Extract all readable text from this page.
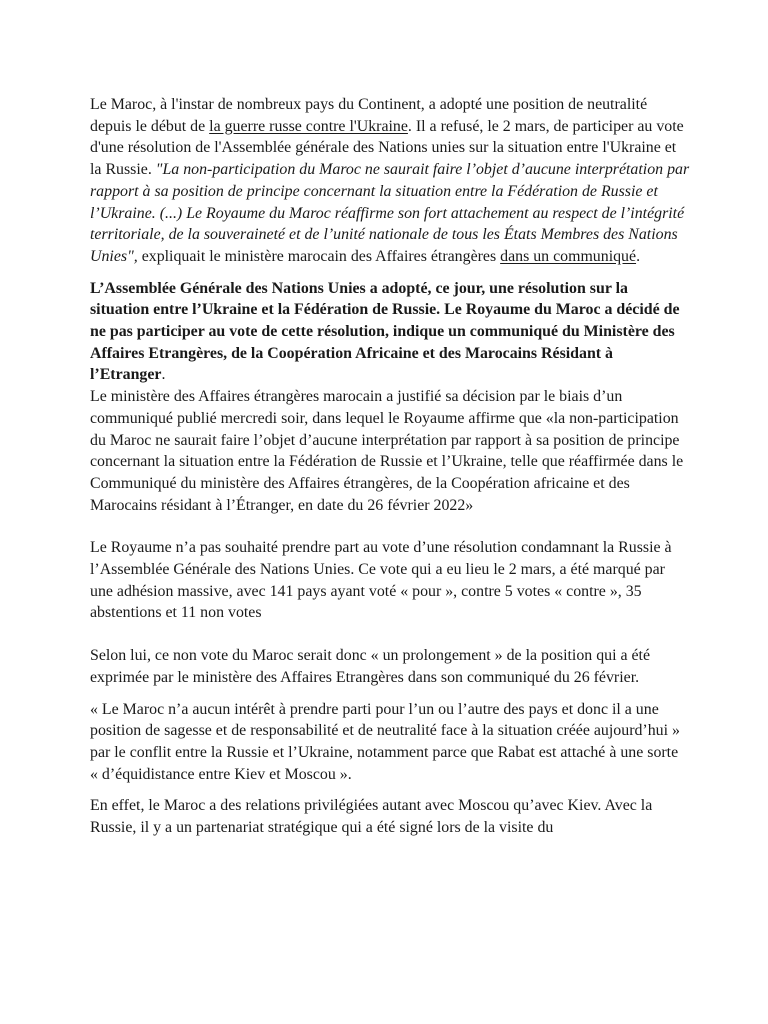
Le Maroc, à l'instar de nombreux pays du Continent, a adopté une position de neutralité depuis le début de la guerre russe contre l'Ukraine. Il a refusé, le 2 mars, de participer au vote d'une résolution de l'Assemblée générale des Nations unies sur la situation entre l'Ukraine et la Russie. "La non-participation du Maroc ne saurait faire l’objet d’aucune interprétation par rapport à sa position de principe concernant la situation entre la Fédération de Russie et l’Ukraine. (...) Le Royaume du Maroc réaffirme son fort attachement au respect de l’intégrité territoriale, de la souveraineté et de l’unité nationale de tous les États Membres des Nations Unies", expliquait le ministère marocain des Affaires étrangères dans un communiqué.

L’Assemblée Générale des Nations Unies a adopté, ce jour, une résolution sur la situation entre l’Ukraine et la Fédération de Russie. Le Royaume du Maroc a décidé de ne pas participer au vote de cette résolution, indique un communiqué du Ministère des Affaires Etrangères, de la Coopération Africaine et des Marocains Résidant à l’Etranger.

Le ministère des Affaires étrangères marocain a justifié sa décision par le biais d’un communiqué publié mercredi soir, dans lequel le Royaume affirme que «la non-participation du Maroc ne saurait faire l’objet d’aucune interprétation par rapport à sa position de principe concernant la situation entre la Fédération de Russie et l’Ukraine, telle que réaffirmée dans le Communiqué du ministère des Affaires étrangères, de la Coopération africaine et des Marocains résidant à l’Étranger, en date du 26 février 2022»

Le Royaume n’a pas souhaité prendre part au vote d’une résolution condamnant la Russie à l’Assemblée Générale des Nations Unies. Ce vote qui a eu lieu le 2 mars, a été marqué par une adhésion massive, avec 141 pays ayant voté « pour », contre 5 votes « contre », 35 abstentions et 11 non votes

Selon lui, ce non vote du Maroc serait donc « un prolongement » de la position qui a été exprimée par le ministère des Affaires Etrangères dans son communiqué du 26 février.

« Le Maroc n’a aucun intérêt à prendre parti pour l’un ou l’autre des pays et donc il a une position de sagesse et de responsabilité et de neutralité face à la situation créée aujourd’hui » par le conflit entre la Russie et l’Ukraine, notamment parce que Rabat est attaché à une sorte « d’équidistance entre Kiev et Moscou ».

En effet, le Maroc a des relations privilégiées autant avec Moscou qu’avec Kiev. Avec la Russie, il y a un partenariat stratégique qui a été signé lors de la visite du
